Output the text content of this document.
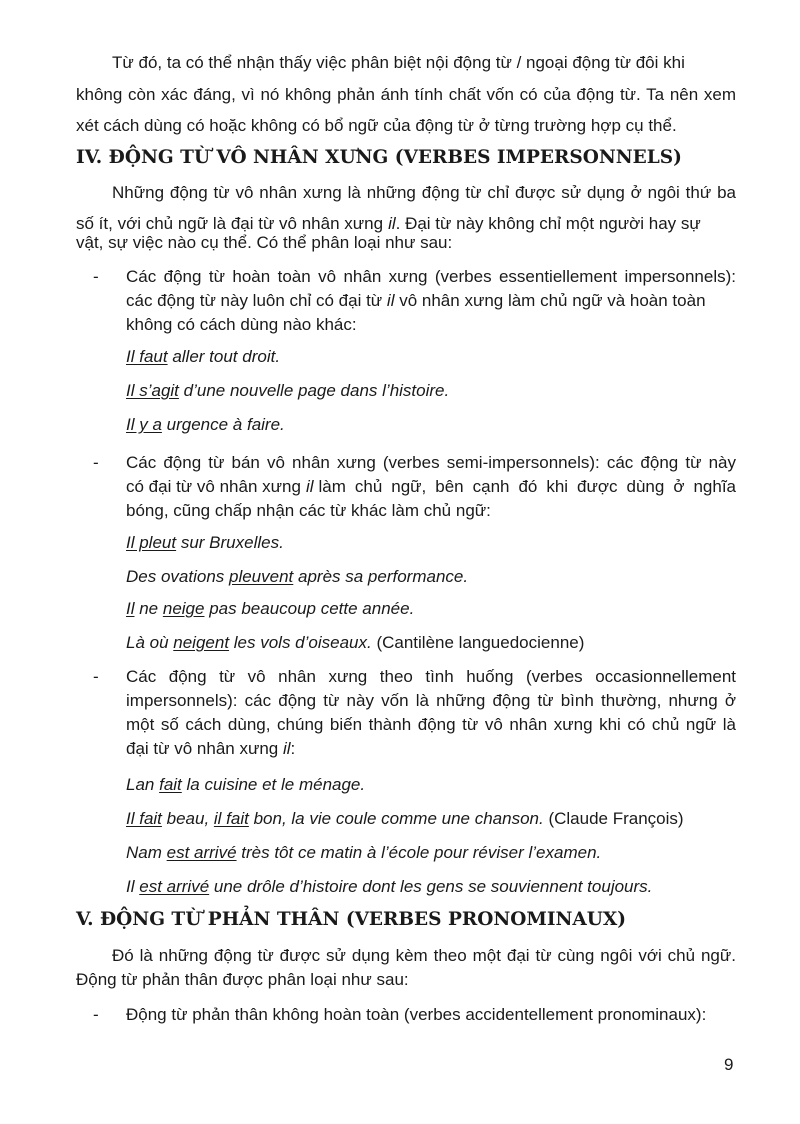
Từ đó, ta có thể nhận thấy việc phân biệt nội động từ / ngoại động từ đôi khi
không còn xác đáng, vì nó không phản ánh tính chất vốn có của động từ. Ta nên xem
xét cách dùng có hoặc không có bổ ngữ của động từ ở từng trường hợp cụ thể.
IV. ĐỘNG TỪ VÔ NHÂN XƯNG (VERBES IMPERSONNELS)
Những động từ vô nhân xưng là những động từ chỉ được sử dụng ở ngôi thứ ba
số ít, với chủ ngữ là đại từ vô nhân xưng il. Đại từ này không chỉ một người hay sự
vật, sự việc nào cụ thể. Có thể phân loại như sau:
- Các động từ hoàn toàn vô nhân xưng (verbes essentiellement impersonnels):
các động từ này luôn chỉ có đại từ il vô nhân xưng làm chủ ngữ và hoàn toàn
không có cách dùng nào khác:
Il faut aller tout droit.
Il s’agit d’une nouvelle page dans l’histoire.
Il y a urgence à faire.
- Các động từ bán vô nhân xưng (verbes semi-impersonnels): các động từ này
có đại từ vô nhân xưng il làm chủ ngữ, bên cạnh đó khi được dùng ở nghĩa
bóng, cũng chấp nhận các từ khác làm chủ ngữ:
Il pleut sur Bruxelles.
Des ovations pleuvent après sa performance.
Il ne neige pas beaucoup cette année.
Là où neigent les vols d’oiseaux. (Cantilène languedocienne)
- Các động từ vô nhân xưng theo tình huống (verbes occasionnellement
impersonnels): các động từ này vốn là những động từ bình thường, nhưng ở
một số cách dùng, chúng biến thành động từ vô nhân xưng khi có chủ ngữ là
đại từ vô nhân xưng il:
Lan fait la cuisine et le ménage.
Il fait beau, il fait bon, la vie coule comme une chanson. (Claude François)
Nam est arrivé très tôt ce matin à l’école pour réviser l’examen.
Il est arrivé une drôle d’histoire dont les gens se souviennent toujours.
V. ĐỘNG TỪ PHẢN THÂN (VERBES PRONOMINAUX)
Đó là những động từ được sử dụng kèm theo một đại từ cùng ngôi với chủ ngữ.
Động từ phản thân được phân loại như sau:
- Động từ phản thân không hoàn toàn (verbes accidentellement pronominaux):
9
